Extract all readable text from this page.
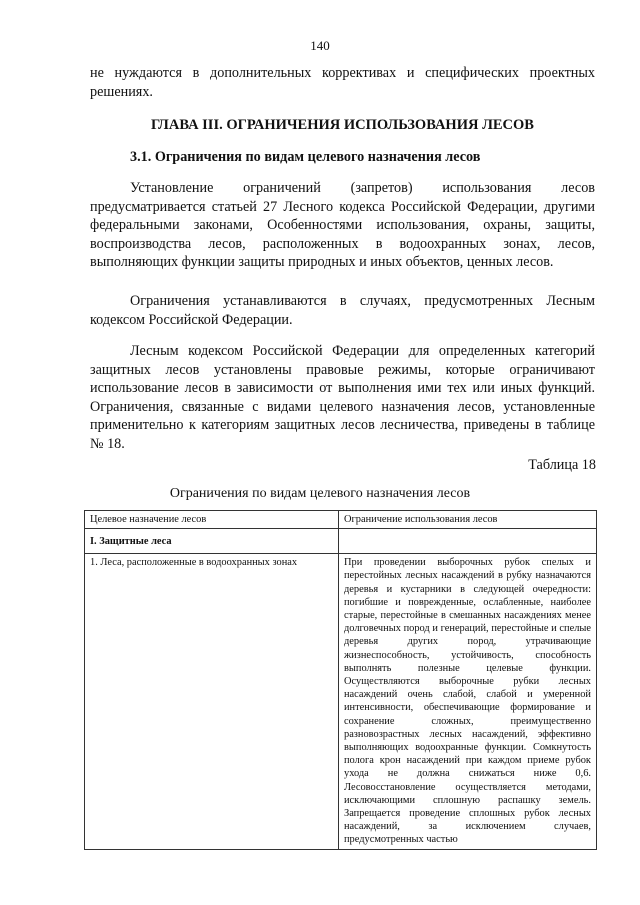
140
не нуждаются в дополнительных коррективах и специфических проектных решениях.
ГЛАВА III. ОГРАНИЧЕНИЯ ИСПОЛЬЗОВАНИЯ ЛЕСОВ
3.1. Ограничения по видам целевого назначения лесов
Установление ограничений (запретов) использования лесов предусматривается статьей 27 Лесного кодекса Российской Федерации, другими федеральными законами, Особенностями использования, охраны, защиты, воспроизводства лесов, расположенных в водоохранных зонах, лесов, выполняющих функции защиты природных и иных объектов, ценных лесов.
Ограничения устанавливаются в случаях, предусмотренных Лесным кодексом Российской Федерации.
Лесным кодексом Российской Федерации для определенных категорий защитных лесов установлены правовые режимы, которые ограничивают использование лесов в зависимости от выполнения ими тех или иных функций. Ограничения, связанные с видами целевого назначения лесов, установленные применительно к категориям защитных лесов лесничества, приведены в таблице № 18.
Таблица 18
Ограничения по видам целевого назначения лесов
Целевое назначение лесов	Ограничение использования лесов
I. Защитные леса	
1. Леса, расположенные в водоохранных зонах	При проведении выборочных рубок спелых и перестойных лесных насаждений в рубку назначаются деревья и кустарники в следующей очередности: погибшие и поврежденные, ослабленные, наиболее старые, перестойные в смешанных насаждениях менее долговечных пород и генераций, перестойные и спелые деревья других пород, утрачивающие жизнеспособность, устойчивость, способность выполнять полезные целевые функции. Осуществляются выборочные рубки лесных насаждений очень слабой, слабой и умеренной интенсивности, обеспечивающие формирование и сохранение сложных, преимущественно разновозрастных лесных насаждений, эффективно выполняющих водоохранные функции. Сомкнутость полога крон насаждений при каждом приеме рубок ухода не должна снижаться ниже 0,6. Лесовосстановление осуществляется методами, исключающими сплошную распашку земель. Запрещается проведение сплошных рубок лесных насаждений, за исключением случаев, предусмотренных частью
